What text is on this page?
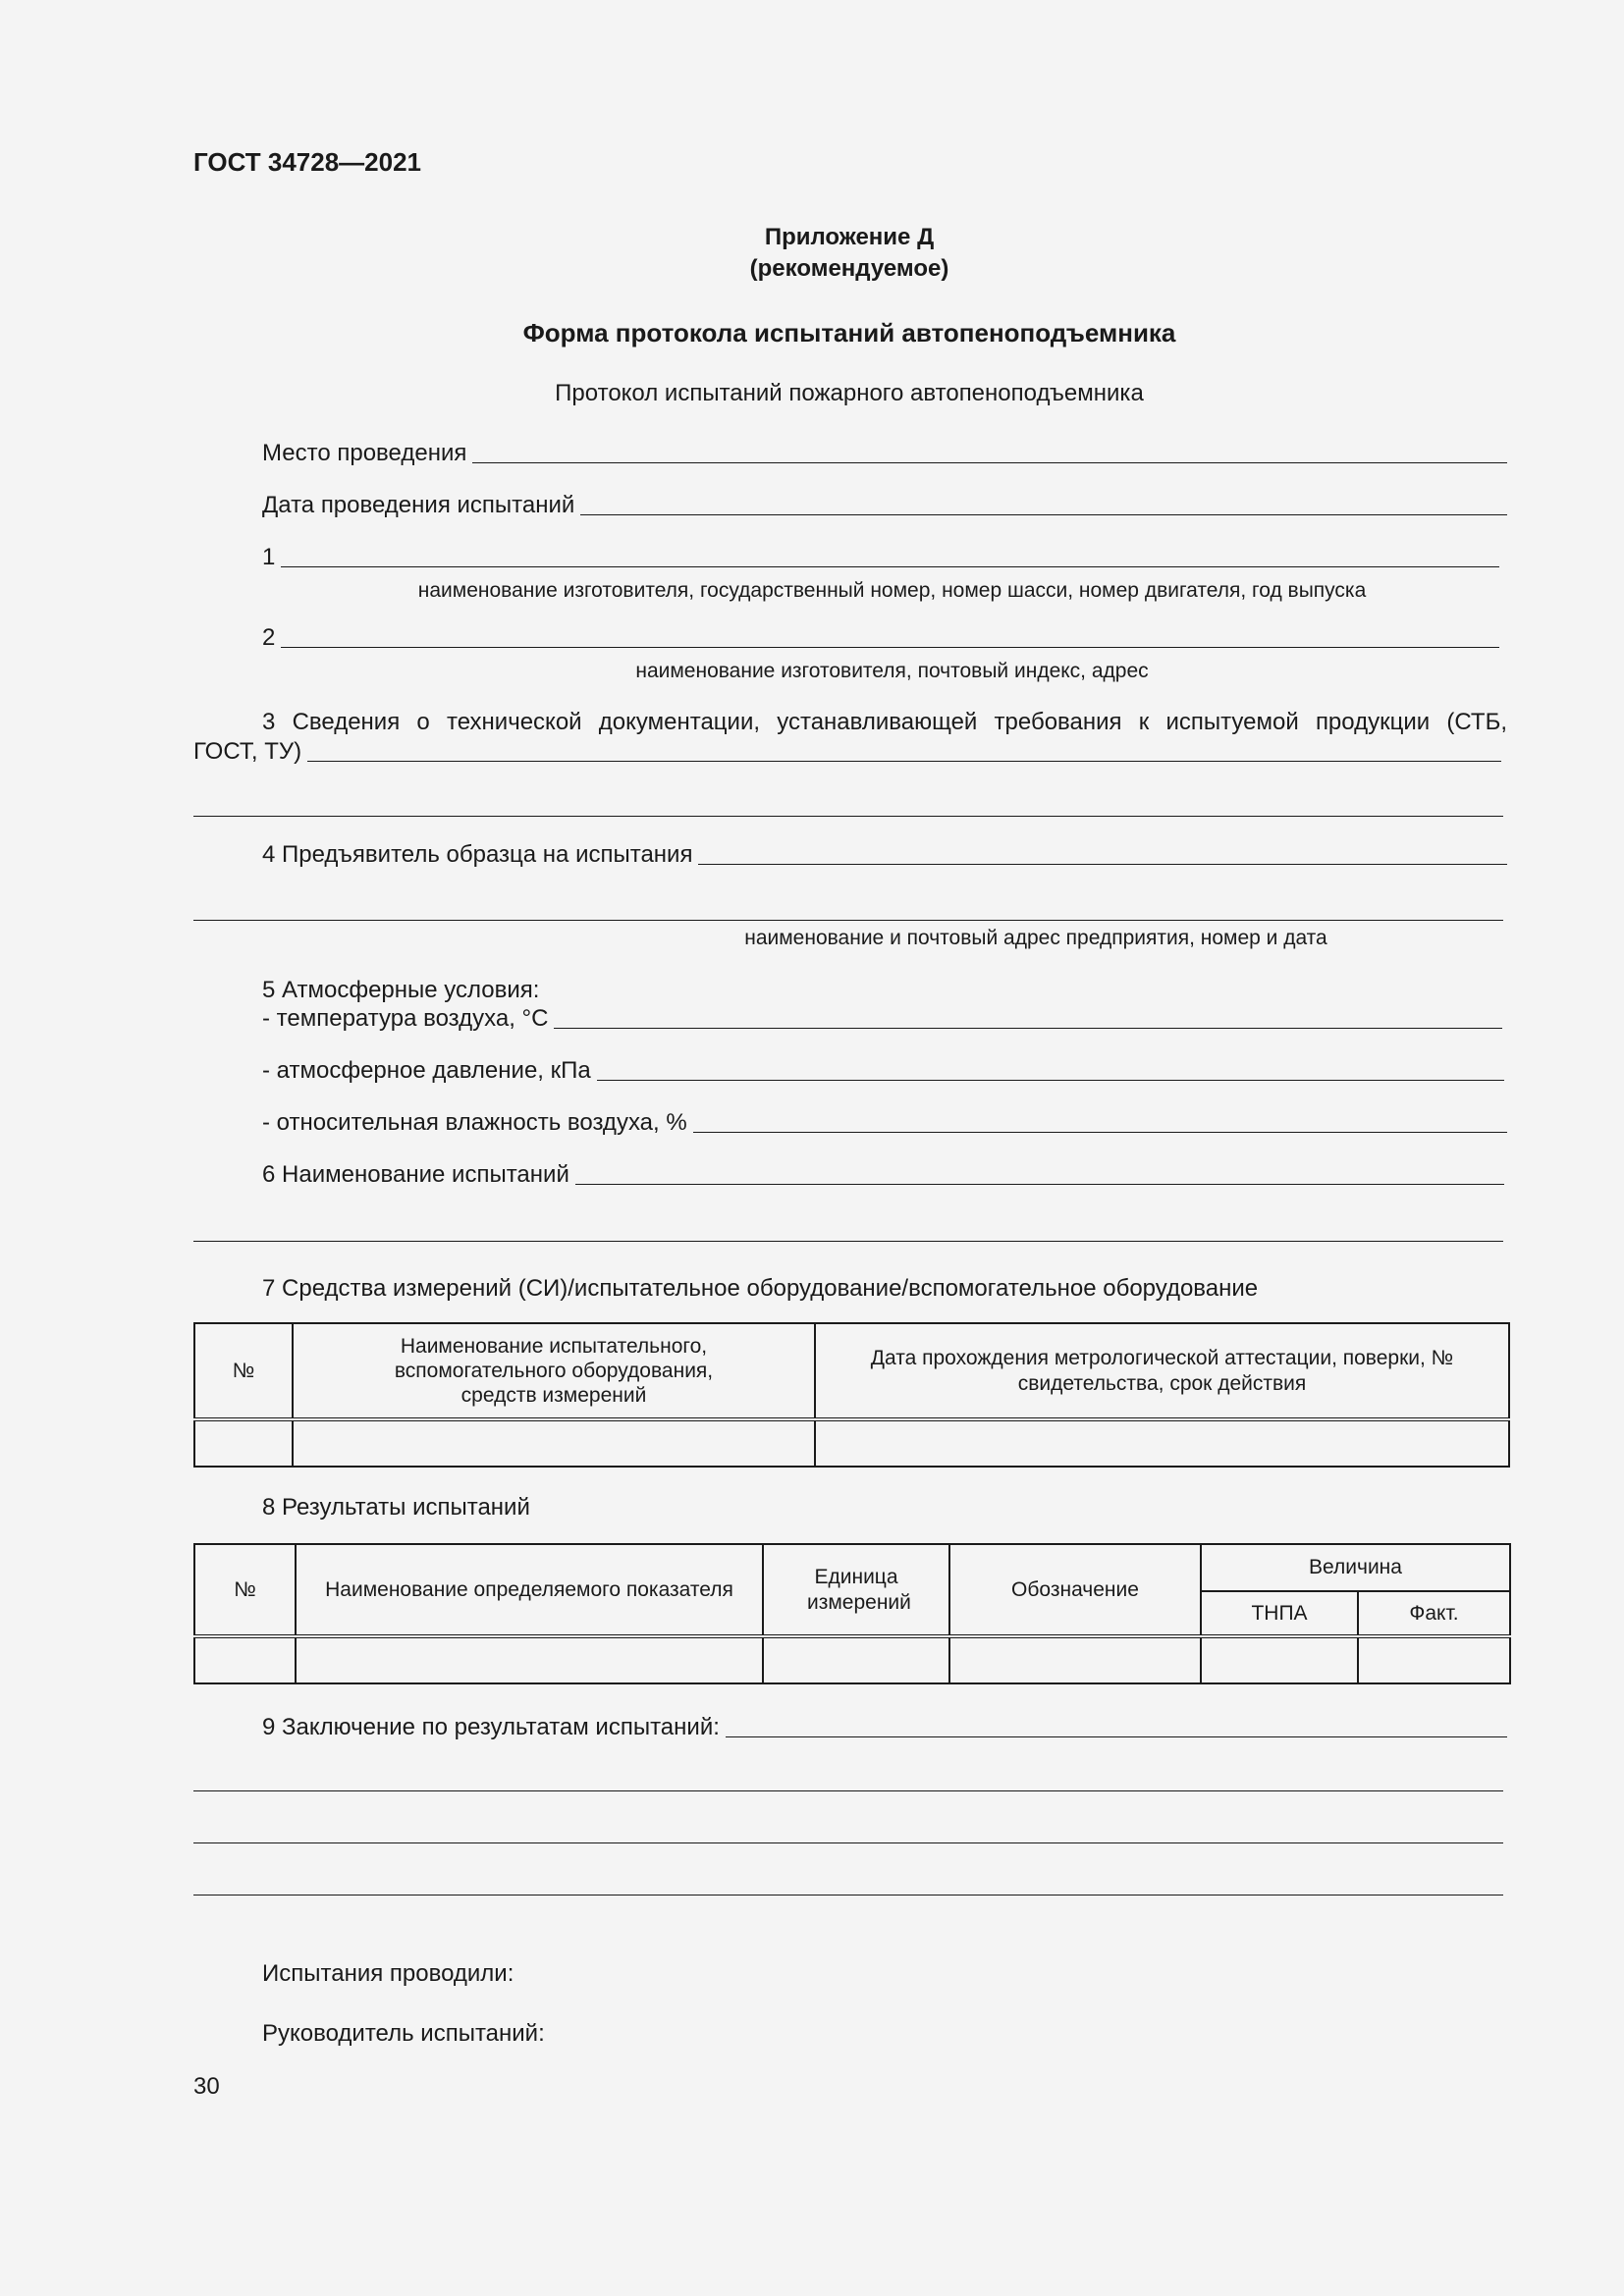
ГОСТ 34728—2021
Приложение Д
(рекомендуемое)
Форма протокола испытаний автопеноподъемника
Протокол испытаний пожарного автопеноподъемника
Место проведения
Дата проведения испытаний
1
наименование изготовителя, государственный номер, номер шасси, номер двигателя, год выпуска
2
наименование изготовителя, почтовый индекс, адрес
3 Сведения о технической документации, устанавливающей требования к испытуемой продукции (СТБ,
ГОСТ, ТУ)
4 Предъявитель образца на испытания
наименование и почтовый адрес предприятия, номер и дата
5 Атмосферные условия:
- температура воздуха, °С
- атмосферное давление, кПа
- относительная влажность воздуха, %
6 Наименование испытаний
7 Средства измерений (СИ)/испытательное оборудование/вспомогательное оборудование
№	Наименование испытательного, вспомогательного оборудования, средств измерений	Дата прохождения метрологической аттестации, поверки, № свидетельства, срок действия

8 Результаты испытаний
№	Наименование определяемого показателя	Единица измерений	Обозначение	Величина	
				ТНПА	Факт.

9 Заключение по результатам испытаний:
Испытания проводили:
Руководитель испытаний:
30
